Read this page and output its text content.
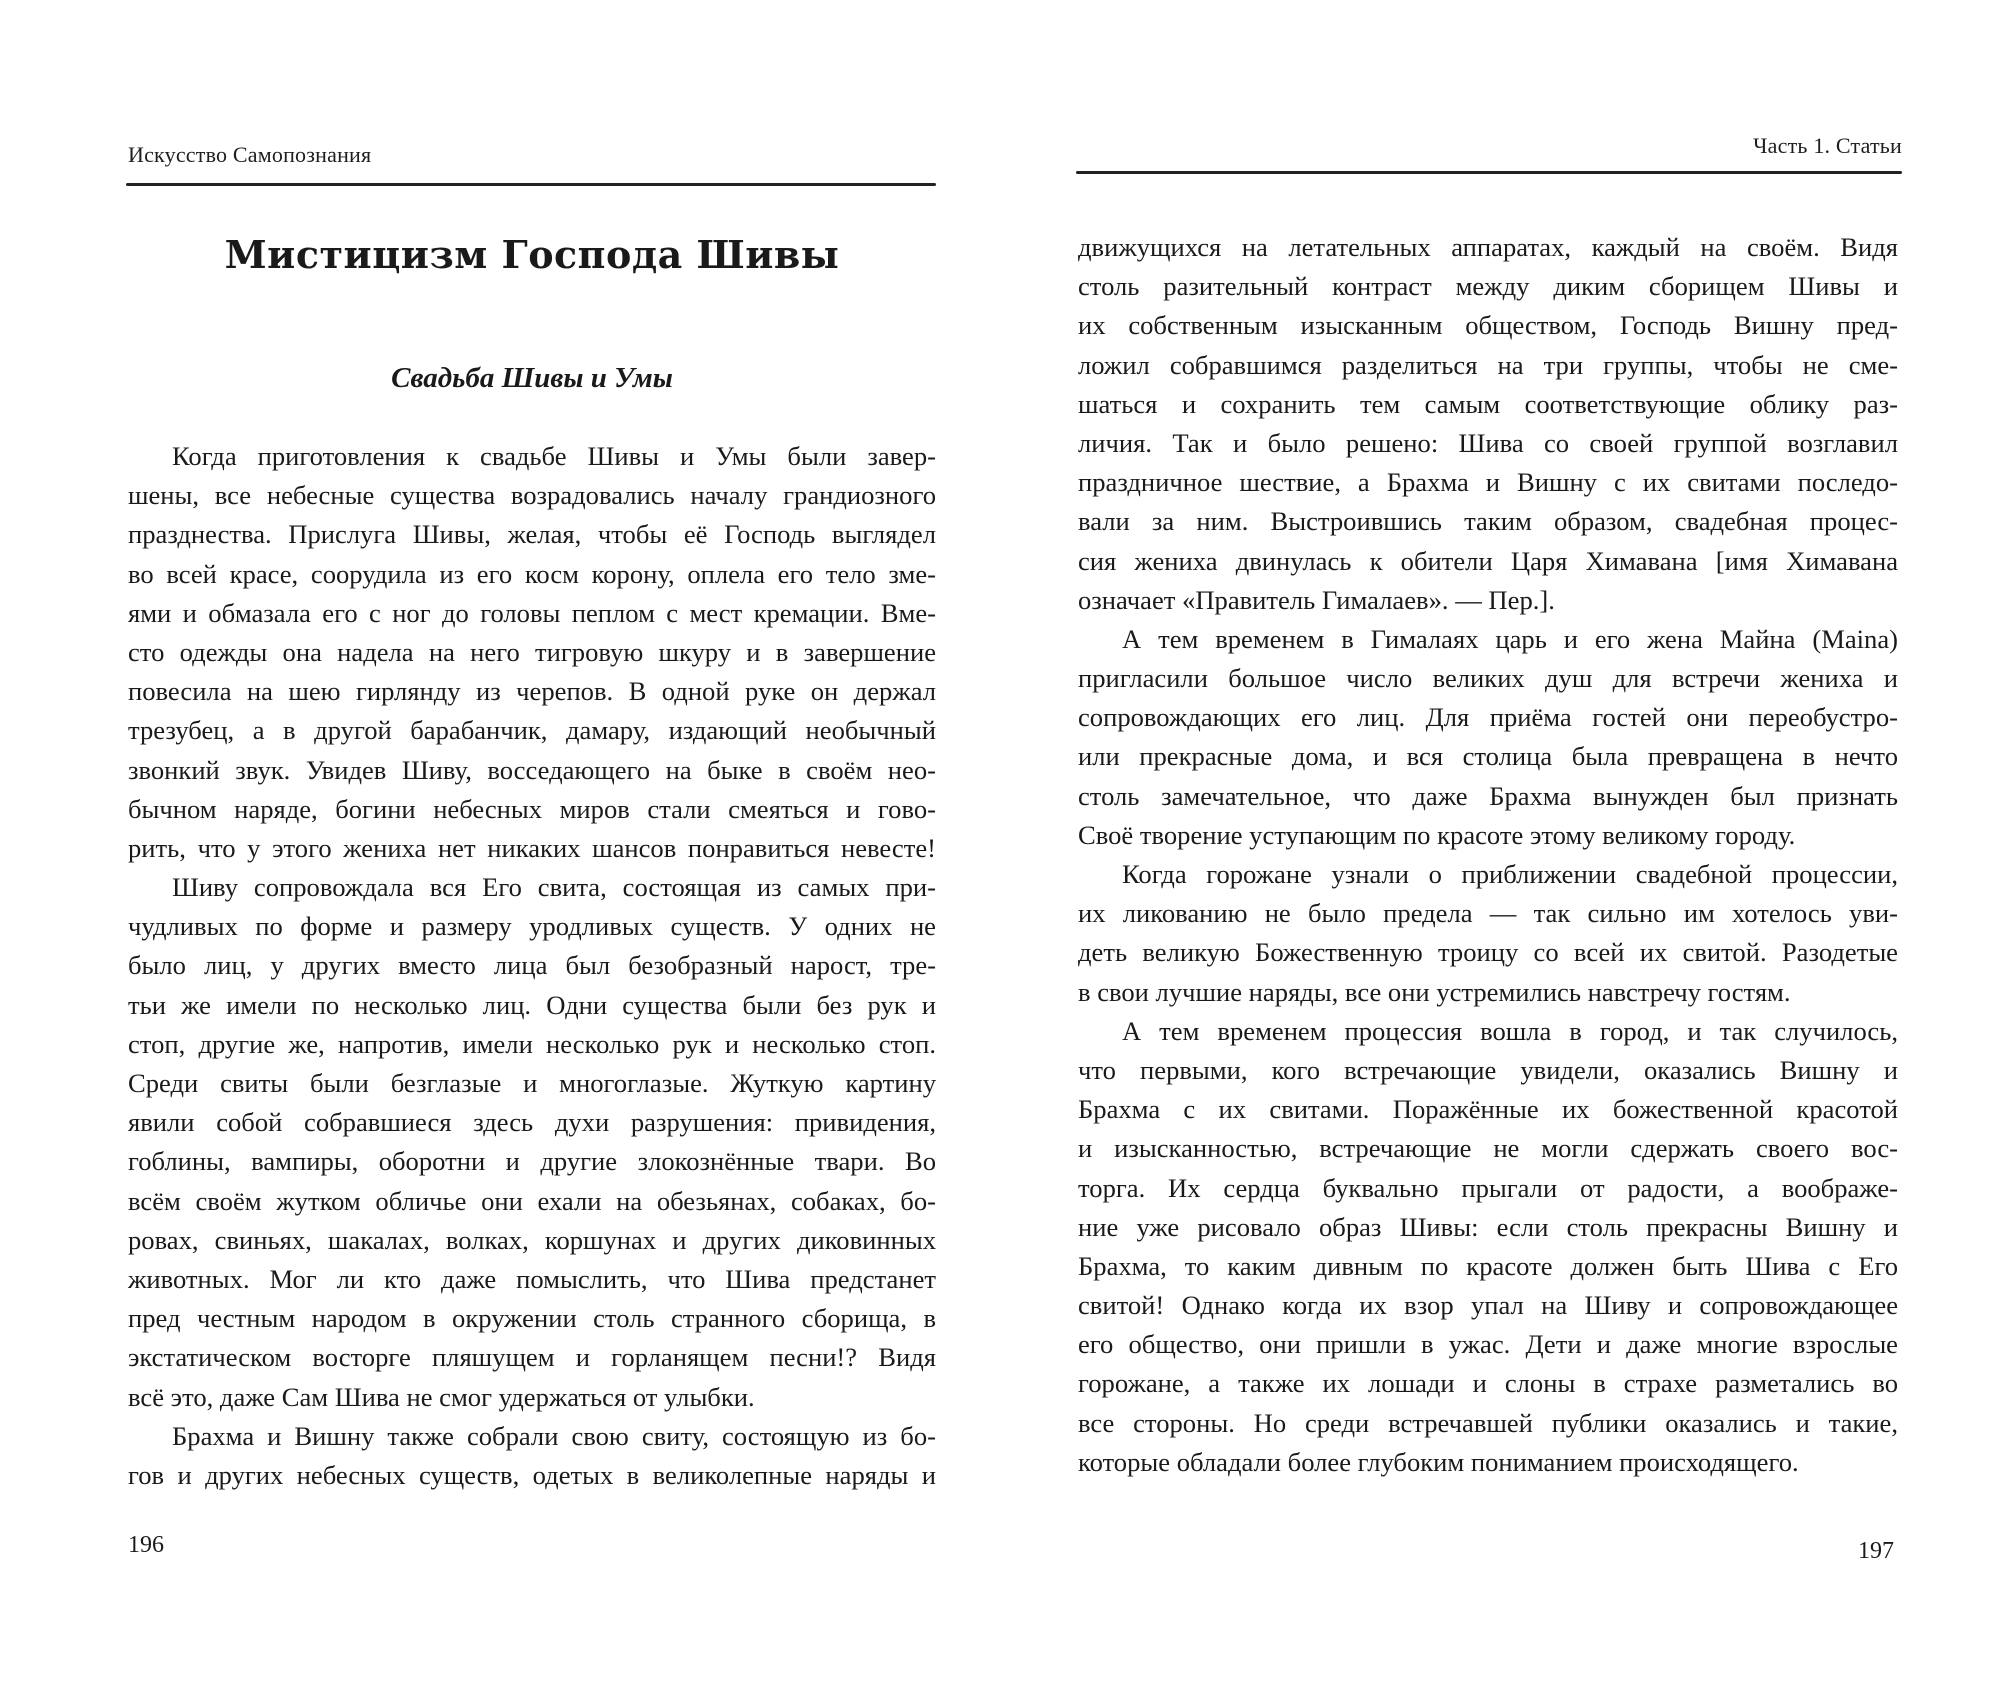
Искусство Самопознания
Мистицизм Господа Шивы
Свадьба Шивы и Умы
Когда приготовления к свадьбе Шивы и Умы были завер-
шены, все небесные существа возрадовались началу грандиозного
празднества. Прислуга Шивы, желая, чтобы её Господь выглядел
во всей красе, соорудила из его косм корону, оплела его тело зме-
ями и обмазала его с ног до головы пеплом с мест кремации. Вме-
сто одежды она надела на него тигровую шкуру и в завершение
повесила на шею гирлянду из черепов. В одной руке он держал
трезубец, а в другой барабанчик, дамару, издающий необычный
звонкий звук. Увидев Шиву, восседающего на быке в своём нео-
бычном наряде, богини небесных миров стали смеяться и гово-
рить, что у этого жениха нет никаких шансов понравиться невесте!
Шиву сопровождала вся Его свита, состоящая из самых при-
чудливых по форме и размеру уродливых существ. У одних не
было лиц, у других вместо лица был безобразный нарост, тре-
тьи же имели по несколько лиц. Одни существа были без рук и
стоп, другие же, напротив, имели несколько рук и несколько стоп.
Среди свиты были безглазые и многоглазые. Жуткую картину
явили собой собравшиеся здесь духи разрушения: привидения,
гоблины, вампиры, оборотни и другие злокознённые твари. Во
всём своём жутком обличье они ехали на обезьянах, собаках, бо-
ровах, свиньях, шакалах, волках, коршунах и других диковинных
животных. Мог ли кто даже помыслить, что Шива предстанет
пред честным народом в окружении столь странного сборища, в
экстатическом восторге пляшущем и горланящем песни!? Видя
всё это, даже Сам Шива не смог удержаться от улыбки.
Брахма и Вишну также собрали свою свиту, состоящую из бо-
гов и других небесных существ, одетых в великолепные наряды и
196
Часть 1. Статьи
движущихся на летательных аппаратах, каждый на своём. Видя
столь разительный контраст между диким сборищем Шивы и
их собственным изысканным обществом, Господь Вишну пред-
ложил собравшимся разделиться на три группы, чтобы не сме-
шаться и сохранить тем самым соответствующие облику раз-
личия. Так и было решено: Шива со своей группой возглавил
праздничное шествие, а Брахма и Вишну с их свитами последо-
вали за ним. Выстроившись таким образом, свадебная процес-
сия жениха двинулась к обители Царя Химавана [имя Химавана
означает «Правитель Гималаев». — Пер.].
А тем временем в Гималаях царь и его жена Майна (Maina)
пригласили большое число великих душ для встречи жениха и
сопровождающих его лиц. Для приёма гостей они переобустро-
или прекрасные дома, и вся столица была превращена в нечто
столь замечательное, что даже Брахма вынужден был признать
Своё творение уступающим по красоте этому великому городу.
Когда горожане узнали о приближении свадебной процессии,
их ликованию не было предела — так сильно им хотелось уви-
деть великую Божественную троицу со всей их свитой. Разодетые
в свои лучшие наряды, все они устремились навстречу гостям.
А тем временем процессия вошла в город, и так случилось,
что первыми, кого встречающие увидели, оказались Вишну и
Брахма с их свитами. Поражённые их божественной красотой
и изысканностью, встречающие не могли сдержать своего вос-
торга. Их сердца буквально прыгали от радости, а воображе-
ние уже рисовало образ Шивы: если столь прекрасны Вишну и
Брахма, то каким дивным по красоте должен быть Шива с Его
свитой! Однако когда их взор упал на Шиву и сопровождающее
его общество, они пришли в ужас. Дети и даже многие взрослые
горожане, а также их лошади и слоны в страхе разметались во
все стороны. Но среди встречавшей публики оказались и такие,
которые обладали более глубоким пониманием происходящего.
197
